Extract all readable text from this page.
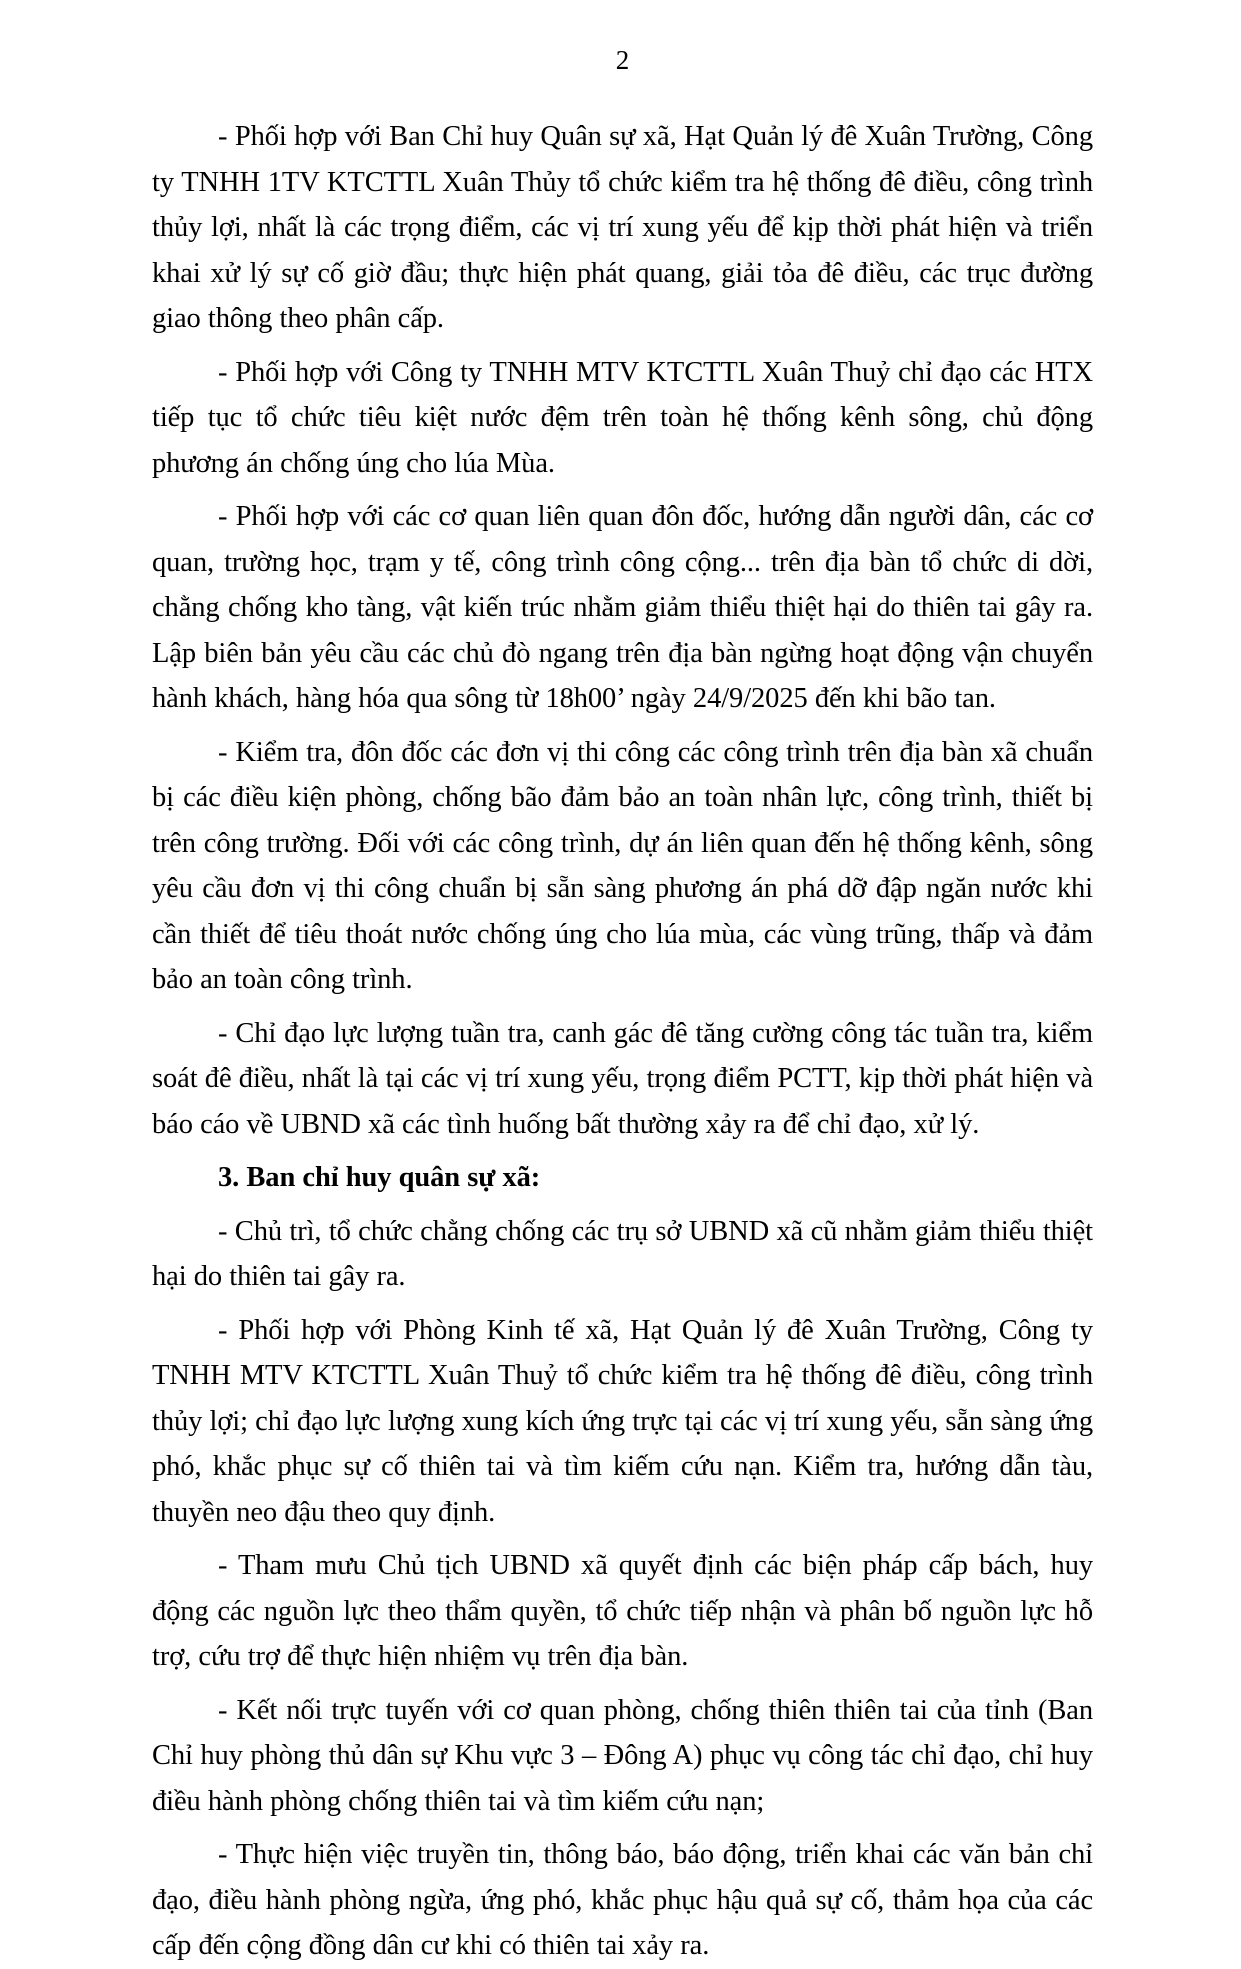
2

- Phối hợp với Ban Chỉ huy Quân sự xã, Hạt Quản lý đê Xuân Trường, Công ty TNHH 1TV KTCTTL Xuân Thủy tổ chức kiểm tra hệ thống đê điều, công trình thủy lợi, nhất là các trọng điểm, các vị trí xung yếu để kịp thời phát hiện và triển khai xử lý sự cố giờ đầu; thực hiện phát quang, giải tỏa đê điều, các trục đường giao thông theo phân cấp.

- Phối hợp với Công ty TNHH MTV KTCTTL Xuân Thuỷ chỉ đạo các HTX tiếp tục tổ chức tiêu kiệt nước đệm trên toàn hệ thống kênh sông, chủ động phương án chống úng cho lúa Mùa.

- Phối hợp với các cơ quan liên quan đôn đốc, hướng dẫn người dân, các cơ quan, trường học, trạm y tế, công trình công cộng... trên địa bàn tổ chức di dời, chằng chống kho tàng, vật kiến trúc nhằm giảm thiểu thiệt hại do thiên tai gây ra. Lập biên bản yêu cầu các chủ đò ngang trên địa bàn ngừng hoạt động vận chuyển hành khách, hàng hóa qua sông từ 18h00’ ngày 24/9/2025 đến khi bão tan.

- Kiểm tra, đôn đốc các đơn vị thi công các công trình trên địa bàn xã chuẩn bị các điều kiện phòng, chống bão đảm bảo an toàn nhân lực, công trình, thiết bị trên công trường. Đối với các công trình, dự án liên quan đến hệ thống kênh, sông yêu cầu đơn vị thi công chuẩn bị sẵn sàng phương án phá dỡ đập ngăn nước khi cần thiết để tiêu thoát nước chống úng cho lúa mùa, các vùng trũng, thấp và đảm bảo an toàn công trình.

- Chỉ đạo lực lượng tuần tra, canh gác đê tăng cường công tác tuần tra, kiểm soát đê điều, nhất là tại các vị trí xung yếu, trọng điểm PCTT, kịp thời phát hiện và báo cáo về UBND xã các tình huống bất thường xảy ra để chỉ đạo, xử lý.

3. Ban chỉ huy quân sự xã:

- Chủ trì, tổ chức chằng chống các trụ sở UBND xã cũ nhằm giảm thiểu thiệt hại do thiên tai gây ra.

- Phối hợp với Phòng Kinh tế xã, Hạt Quản lý đê Xuân Trường, Công ty TNHH MTV KTCTTL Xuân Thuỷ tổ chức kiểm tra hệ thống đê điều, công trình thủy lợi; chỉ đạo lực lượng xung kích ứng trực tại các vị trí xung yếu, sẵn sàng ứng phó, khắc phục sự cố thiên tai và tìm kiếm cứu nạn. Kiểm tra, hướng dẫn tàu, thuyền neo đậu theo quy định.

- Tham mưu Chủ tịch UBND xã quyết định các biện pháp cấp bách, huy động các nguồn lực theo thẩm quyền, tổ chức tiếp nhận và phân bố nguồn lực hỗ trợ, cứu trợ để thực hiện nhiệm vụ trên địa bàn.

- Kết nối trực tuyến với cơ quan phòng, chống thiên thiên tai của tỉnh (Ban Chỉ huy phòng thủ dân sự Khu vực 3 – Đông A) phục vụ công tác chỉ đạo, chỉ huy điều hành phòng chống thiên tai và tìm kiếm cứu nạn;

- Thực hiện việc truyền tin, thông báo, báo động, triển khai các văn bản chỉ đạo, điều hành phòng ngừa, ứng phó, khắc phục hậu quả sự cố, thảm họa của các cấp đến cộng đồng dân cư khi có thiên tai xảy ra.
